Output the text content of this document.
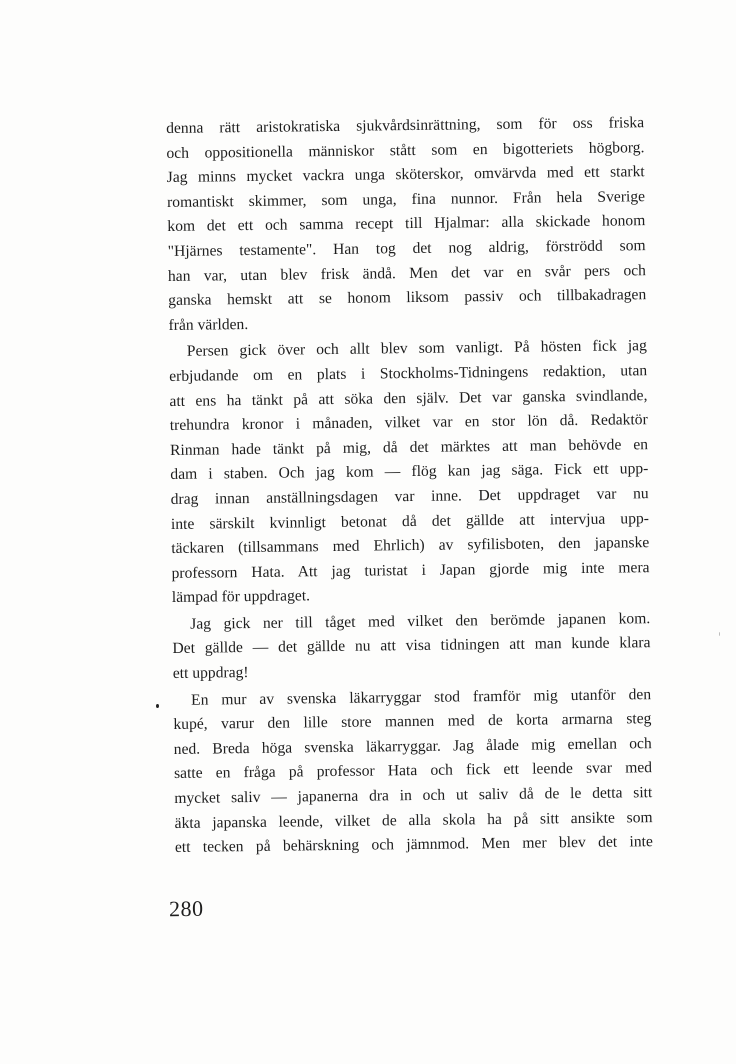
denna rätt aristokratiska sjukvårdsinrättning, som för oss friska
och oppositionella människor stått som en bigotteriets högborg.
Jag minns mycket vackra unga sköterskor, omvärvda med ett starkt
romantiskt skimmer, som unga, fina nunnor. Från hela Sverige
kom det ett och samma recept till Hjalmar: alla skickade honom
"Hjärnes testamente". Han tog det nog aldrig, förströdd som
han var, utan blev frisk ändå. Men det var en svår pers och
ganska hemskt att se honom liksom passiv och tillbakadragen
från världen.
Persen gick över och allt blev som vanligt. På hösten fick jag
erbjudande om en plats i Stockholms-Tidningens redaktion, utan
att ens ha tänkt på att söka den själv. Det var ganska svindlande,
trehundra kronor i månaden, vilket var en stor lön då. Redaktör
Rinman hade tänkt på mig, då det märktes att man behövde en
dam i staben. Och jag kom — flög kan jag säga. Fick ett upp-
drag innan anställningsdagen var inne. Det uppdraget var nu
inte särskilt kvinnligt betonat då det gällde att intervjua upp-
täckaren (tillsammans med Ehrlich) av syfilisboten, den japanske
professorn Hata. Att jag turistat i Japan gjorde mig inte mera
lämpad för uppdraget.
Jag gick ner till tåget med vilket den berömde japanen kom.
Det gällde — det gällde nu att visa tidningen att man kunde klara
ett uppdrag!
En mur av svenska läkarryggar stod framför mig utanför den
kupé, varur den lille store mannen med de korta armarna steg
ned. Breda höga svenska läkarryggar. Jag ålade mig emellan och
satte en fråga på professor Hata och fick ett leende svar med
mycket saliv — japanerna dra in och ut saliv då de le detta sitt
äkta japanska leende, vilket de alla skola ha på sitt ansikte som
ett tecken på behärskning och jämnmod. Men mer blev det inte
280
